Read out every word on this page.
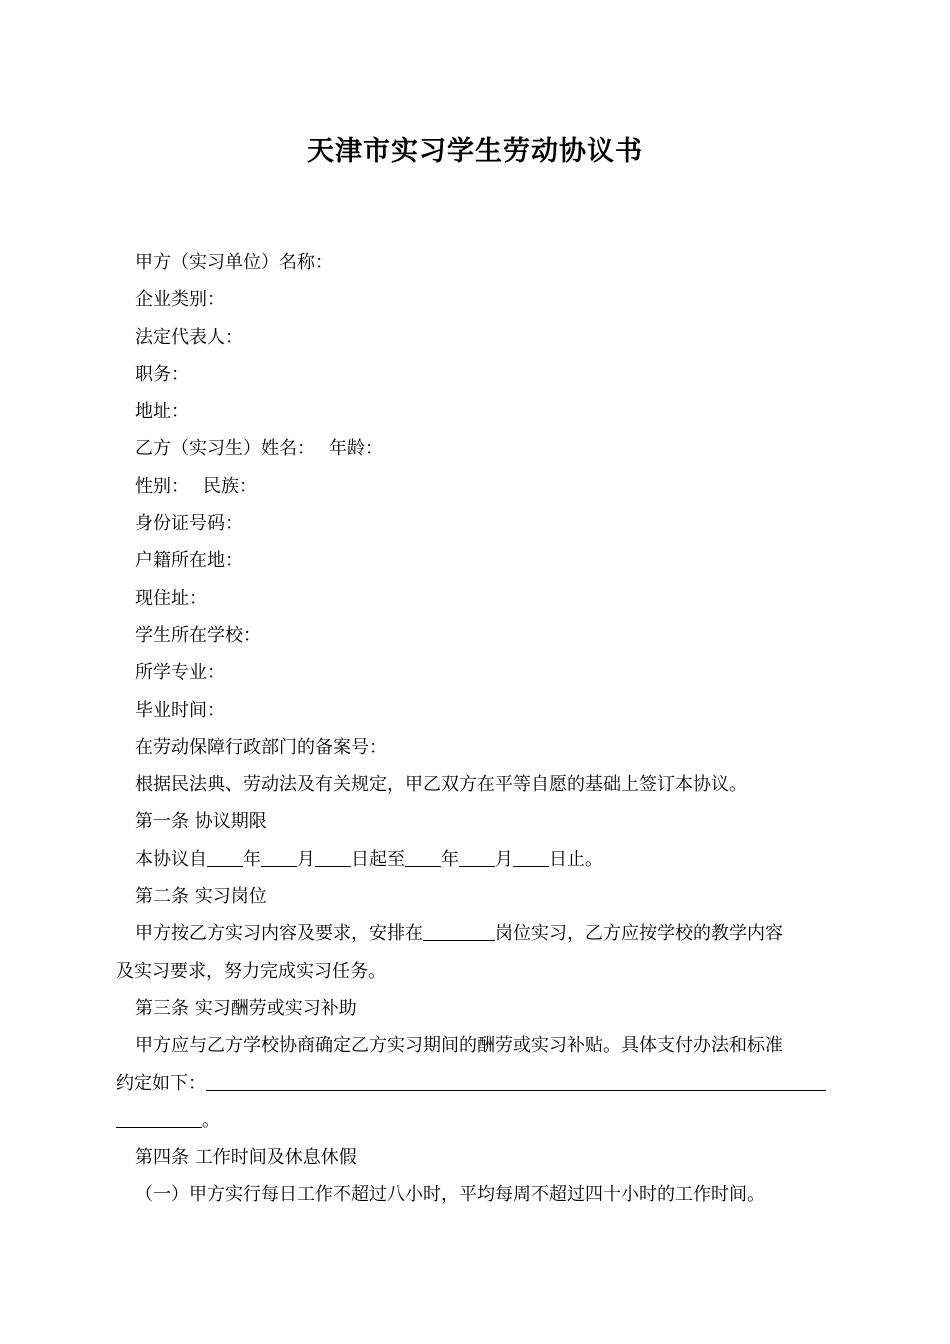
天津市实习学生劳动协议书
甲方（实习单位）名称：
企业类别：
法定代表人：
职务：
地址：
乙方（实习生）姓名： 年龄：
性别： 民族：
身份证号码：
户籍所在地：
现住址：
学生所在学校：
所学专业：
毕业时间：
在劳动保障行政部门的备案号：
根据民法典、劳动法及有关规定，甲乙双方在平等自愿的基础上签订本协议。
第一条 协议期限
本协议自 年 月 日起至 年 月 日止。
第二条 实习岗位
甲方按乙方实习内容及要求，安排在	岗位实习，乙方应按学校的教学内容
及实习要求，努力完成实习任务。
第三条 实习酬劳或实习补助
甲方应与乙方学校协商确定乙方实习期间的酬劳或实习补贴。具体支付办法和标准
约定如下：
。
第四条 工作时间及休息休假
（一）甲方实行每日工作不超过八小时，平均每周不超过四十小时的工作时间。
